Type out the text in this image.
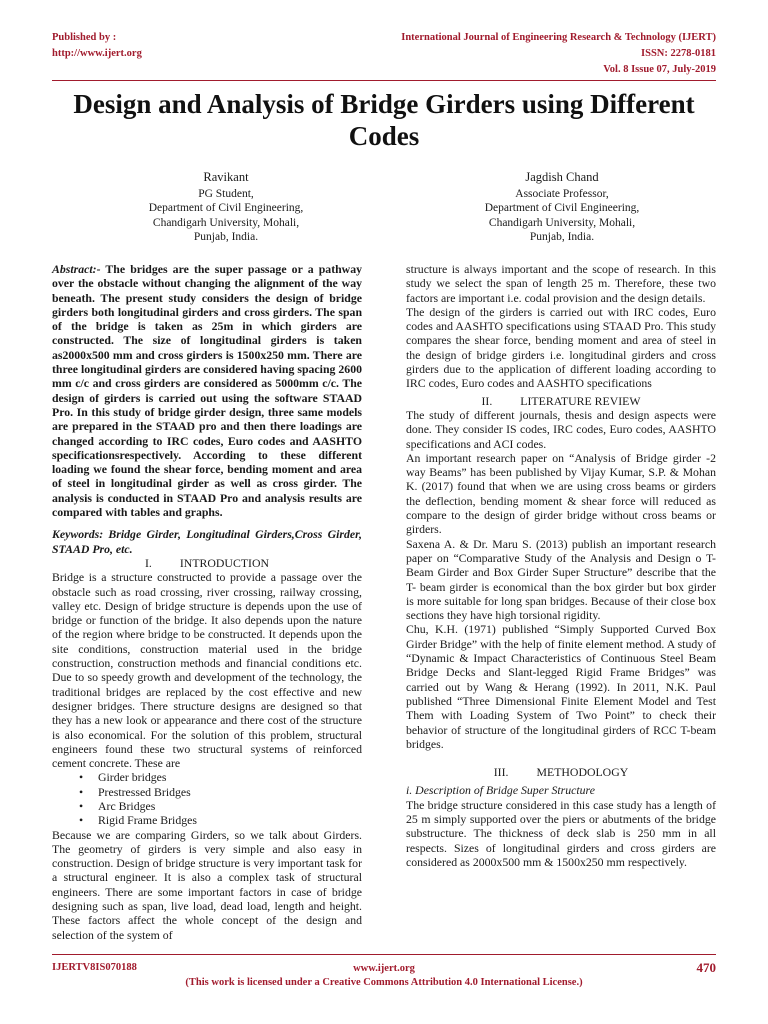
Published by :
http://www.ijert.org
International Journal of Engineering Research & Technology (IJERT)
ISSN: 2278-0181
Vol. 8 Issue 07, July-2019
Design and Analysis of Bridge Girders using Different Codes
Ravikant
PG Student,
Department of Civil Engineering,
Chandigarh University, Mohali,
Punjab, India.
Jagdish Chand
Associate Professor,
Department of Civil Engineering,
Chandigarh University, Mohali,
Punjab, India.

Abstract:- The bridges are the super passage or a pathway over the obstacle without changing the alignment of the way beneath. The present study considers the design of bridge girders both longitudinal girders and cross girders. The span of the bridge is taken as 25m in which girders are constructed. The size of longitudinal girders is taken as2000x500 mm and cross girders is 1500x250 mm. There are three longitudinal girders are considered having spacing 2600 mm c/c and cross girders are considered as 5000mm c/c. The design of girders is carried out using the software STAAD Pro. In this study of bridge girder design, three same models are prepared in the STAAD pro and then there loadings are changed according to IRC codes, Euro codes and AASHTO specificationsrespectively. According to these different loading we found the shear force, bending moment and area of steel in longitudinal girder as well as cross girder. The analysis is conducted in STAAD Pro and analysis results are compared with tables and graphs.

Keywords: Bridge Girder, Longitudinal Girders,Cross Girder, STAAD Pro, etc.

I. INTRODUCTION

Bridge is a structure constructed to provide a passage over the obstacle such as road crossing, river crossing, railway crossing, valley etc. Design of bridge structure is depends upon the use of bridge or function of the bridge. It also depends upon the nature of the region where bridge to be constructed. It depends upon the site conditions, construction material used in the bridge construction, construction methods and financial conditions etc. Due to so speedy growth and development of the technology, the traditional bridges are replaced by the cost effective and new designer bridges. There structure designs are designed so that they has a new look or appearance and there cost of the structure is also economical. For the solution of this problem, structural engineers found these two structural systems of reinforced cement concrete. These are

• Girder bridges
• Prestressed Bridges
• Arc Bridges
• Rigid Frame Bridges

Because we are comparing Girders, so we talk about Girders. The geometry of girders is very simple and also easy in construction. Design of bridge structure is very important task for a structural engineer. It is also a complex task of structural engineers. There are some important factors in case of bridge designing such as span, live load, dead load, length and height. These factors affect the whole concept of the design and selection of the system of

structure is always important and the scope of research. In this study we select the span of length 25 m. Therefore, these two factors are important i.e. codal provision and the design details.

The design of the girders is carried out with IRC codes, Euro codes and AASHTO specifications using STAAD Pro. This study compares the shear force, bending moment and area of steel in the design of bridge girders i.e. longitudinal girders and cross girders due to the application of different loading according to IRC codes, Euro codes and AASHTO specifications

II. LITERATURE REVIEW

The study of different journals, thesis and design aspects were done. They consider IS codes, IRC codes, Euro codes, AASHTO specifications and ACI codes.

An important research paper on “Analysis of Bridge girder -2 way Beams” has been published by Vijay Kumar, S.P. & Mohan K. (2017) found that when we are using cross beams or girders the deflection, bending moment & shear force will reduced as compare to the design of girder bridge without cross beams or girders.

Saxena A. & Dr. Maru S. (2013) publish an important research paper on “Comparative Study of the Analysis and Design o T-Beam Girder and Box Girder Super Structure” describe that the T- beam girder is economical than the box girder but box girder is more suitable for long span bridges. Because of their close box sections they have high torsional rigidity.

Chu, K.H. (1971) published “Simply Supported Curved Box Girder Bridge” with the help of finite element method. A study of “Dynamic & Impact Characteristics of Continuous Steel Beam Bridge Decks and Slant-legged Rigid Frame Bridges” was carried out by Wang & Herang (1992). In 2011, N.K. Paul published “Three Dimensional Finite Element Model and Test Them with Loading System of Two Point” to check their behavior of structure of the longitudinal girders of RCC T-beam bridges.

III. METHODOLOGY

i. Description of Bridge Super Structure

The bridge structure considered in this case study has a length of 25 m simply supported over the piers or abutments of the bridge substructure. The thickness of deck slab is 250 mm in all respects. Sizes of longitudinal girders and cross girders are considered as 2000x500 mm & 1500x250 mm respectively.

IJERTV8IS070188	www.ijert.org
(This work is licensed under a Creative Commons Attribution 4.0 International License.)
470
